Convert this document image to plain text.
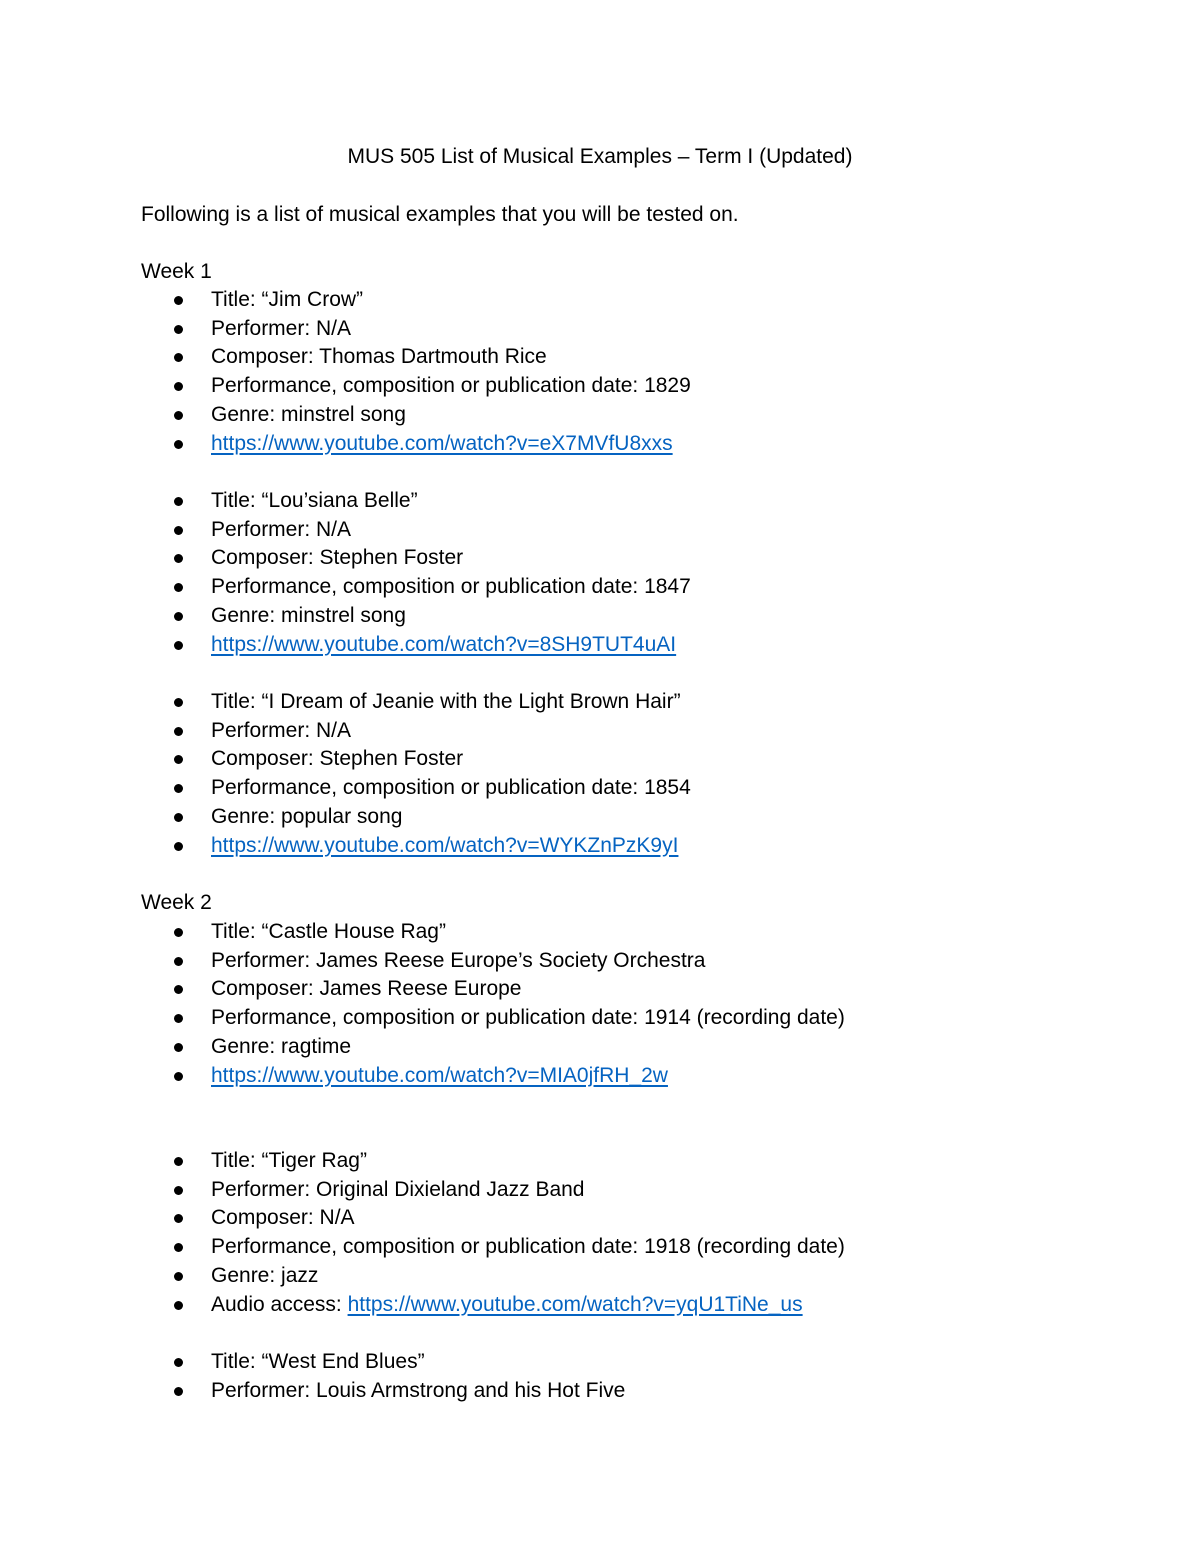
MUS 505 List of Musical Examples – Term I (Updated)
Following is a list of musical examples that you will be tested on.
Week 1
Week 2
Title: “Jim Crow”
Performer: N/A
Composer: Thomas Dartmouth Rice
Performance, composition or publication date: 1829
Genre: minstrel song
https://www.youtube.com/watch?v=eX7MVfU8xxs
Title: “Lou’siana Belle”
Performer: N/A
Composer: Stephen Foster
Performance, composition or publication date: 1847
Genre: minstrel song
https://www.youtube.com/watch?v=8SH9TUT4uAI
Title: “I Dream of Jeanie with the Light Brown Hair”
Performer: N/A
Composer: Stephen Foster
Performance, composition or publication date: 1854
Genre: popular song
https://www.youtube.com/watch?v=WYKZnPzK9yI
Title: “Castle House Rag”
Performer: James Reese Europe’s Society Orchestra
Composer: James Reese Europe
Performance, composition or publication date: 1914 (recording date)
Genre: ragtime
https://www.youtube.com/watch?v=MIA0jfRH_2w
Title: “Tiger Rag”
Performer: Original Dixieland Jazz Band
Composer: N/A
Performance, composition or publication date: 1918 (recording date)
Genre: jazz
Audio access: https://www.youtube.com/watch?v=yqU1TiNe_us
Title: “West End Blues”
Performer: Louis Armstrong and his Hot Five
